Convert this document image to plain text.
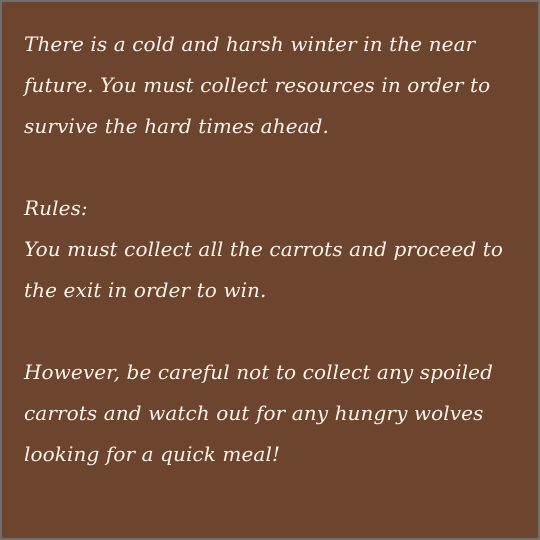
There is a cold and harsh winter in the near future. You must collect resources in order to survive the hard times ahead.

Rules:

You must collect all the carrots and proceed to the exit in order to win.

However, be careful not to collect any spoiled carrots and watch out for any hungry wolves looking for a quick meal!
